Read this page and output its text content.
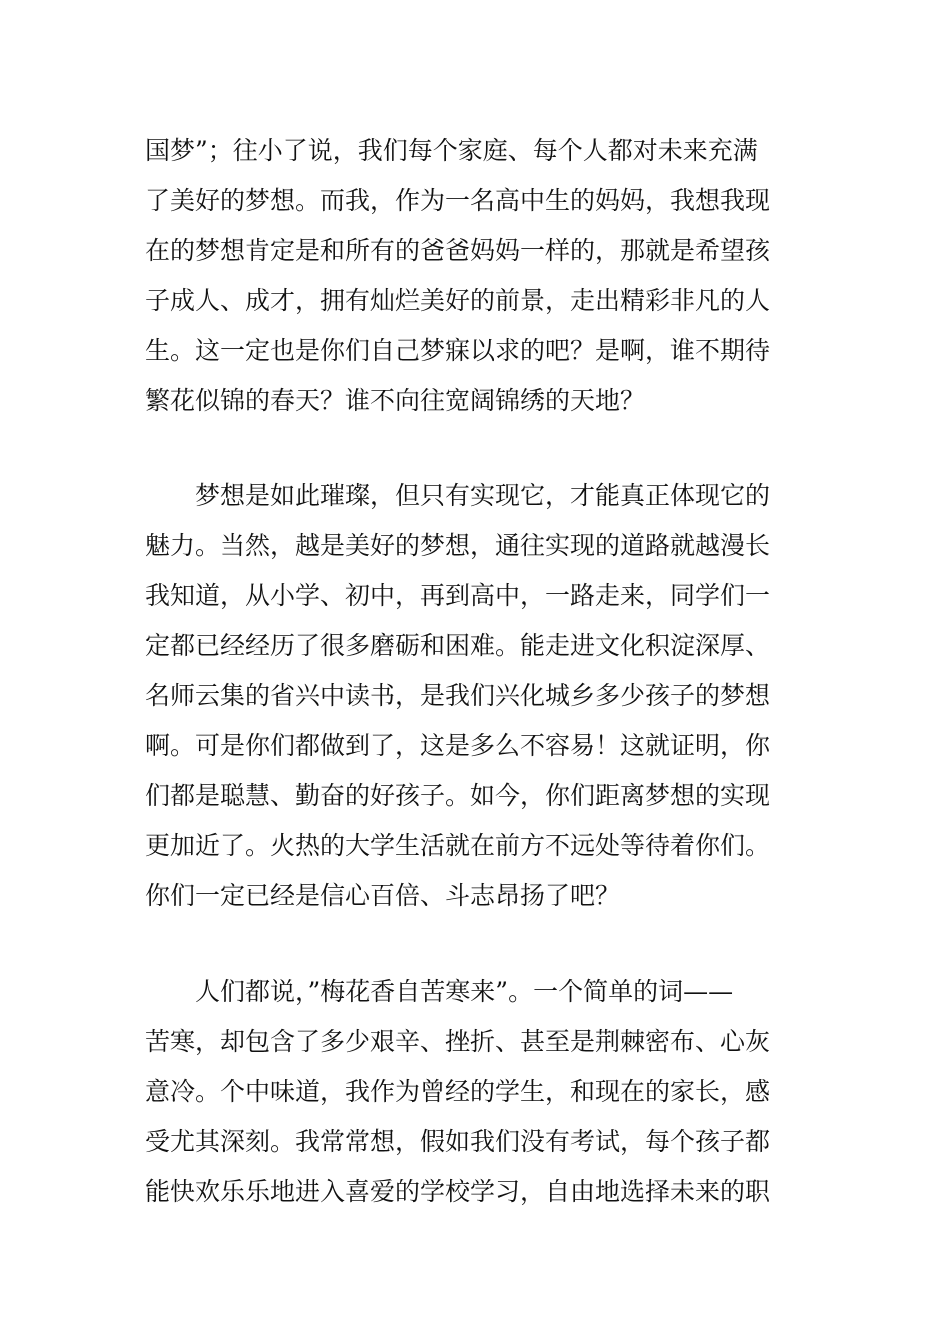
国梦”；往小了说，我们每个家庭、每个人都对未来充满
了美好的梦想。而我，作为一名高中生的妈妈，我想我现
在的梦想肯定是和所有的爸爸妈妈一样的，那就是希望孩
子成人、成才，拥有灿烂美好的前景，走出精彩非凡的人
生。这一定也是你们自己梦寐以求的吧？是啊，谁不期待
繁花似锦的春天？谁不向往宽阔锦绣的天地？
　　梦想是如此璀璨，但只有实现它，才能真正体现它的
魅力。当然，越是美好的梦想，通往实现的道路就越漫长
我知道，从小学、初中，再到高中，一路走来，同学们一
定都已经经历了很多磨砺和困难。能走进文化积淀深厚、
名师云集的省兴中读书，是我们兴化城乡多少孩子的梦想
啊。可是你们都做到了，这是多么不容易！这就证明，你
们都是聪慧、勤奋的好孩子。如今，你们距离梦想的实现
更加近了。火热的大学生活就在前方不远处等待着你们。
你们一定已经是信心百倍、斗志昂扬了吧？
　　人们都说，”梅花香自苦寒来”。一个简单的词——
苦寒，却包含了多少艰辛、挫折、甚至是荆棘密布、心灰
意冷。个中味道，我作为曾经的学生，和现在的家长，感
受尤其深刻。我常常想，假如我们没有考试，每个孩子都
能快欢乐乐地进入喜爱的学校学习，自由地选择未来的职
